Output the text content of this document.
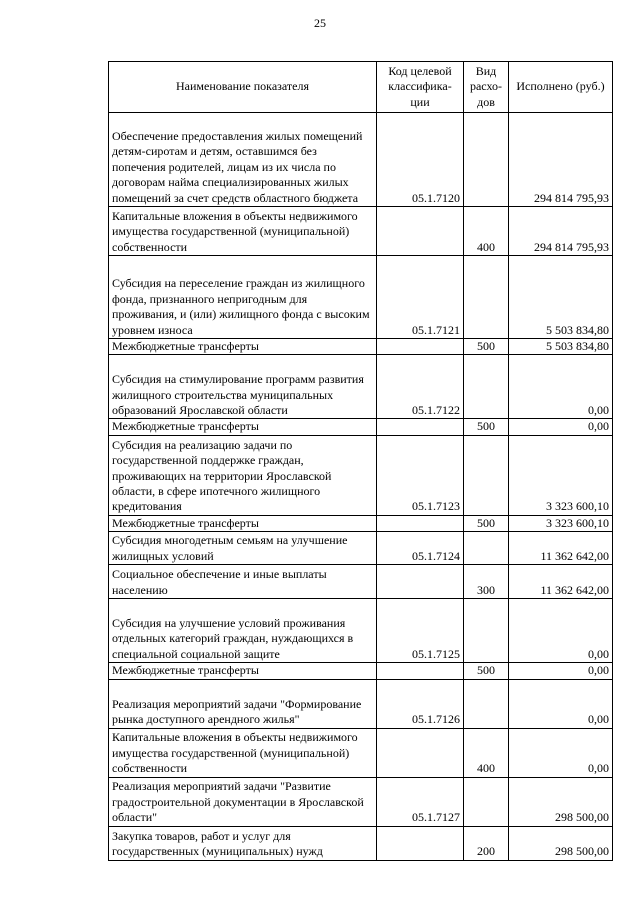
25
Наименование показателя	Код целевой классифика-ции	Вид расхо-дов	Исполнено (руб.)
Обеспечение предоставления жилых помещений детям-сиротам и детям, оставшимся без попечения родителей, лицам из их числа по договорам найма специализированных жилых помещений за счет средств областного бюджета	05.1.7120		294 814 795,93
Капитальные вложения в объекты недвижимого имущества государственной (муниципальной) собственности		400	294 814 795,93
Субсидия на переселение граждан из жилищного фонда, признанного непригодным для проживания, и (или) жилищного фонда с высоким уровнем износа	05.1.7121		5 503 834,80
Межбюджетные трансферты		500	5 503 834,80
Субсидия на стимулирование программ развития жилищного строительства муниципальных образований Ярославской области	05.1.7122		0,00
Межбюджетные трансферты		500	0,00
Субсидия на реализацию задачи по государственной поддержке граждан, проживающих на территории Ярославской области, в сфере ипотечного жилищного кредитования	05.1.7123		3 323 600,10
Межбюджетные трансферты		500	3 323 600,10
Субсидия многодетным семьям на улучшение жилищных условий	05.1.7124		11 362 642,00
Социальное обеспечение и иные выплаты населению		300	11 362 642,00
Субсидия на улучшение условий проживания отдельных категорий граждан, нуждающихся в специальной социальной защите	05.1.7125		0,00
Межбюджетные трансферты		500	0,00
Реализация мероприятий задачи "Формирование рынка доступного арендного жилья"	05.1.7126		0,00
Капитальные вложения в объекты недвижимого имущества государственной (муниципальной) собственности		400	0,00
Реализация мероприятий задачи "Развитие градостроительной документации в Ярославской области"	05.1.7127		298 500,00
Закупка товаров, работ и услуг для государственных (муниципальных) нужд		200	298 500,00
